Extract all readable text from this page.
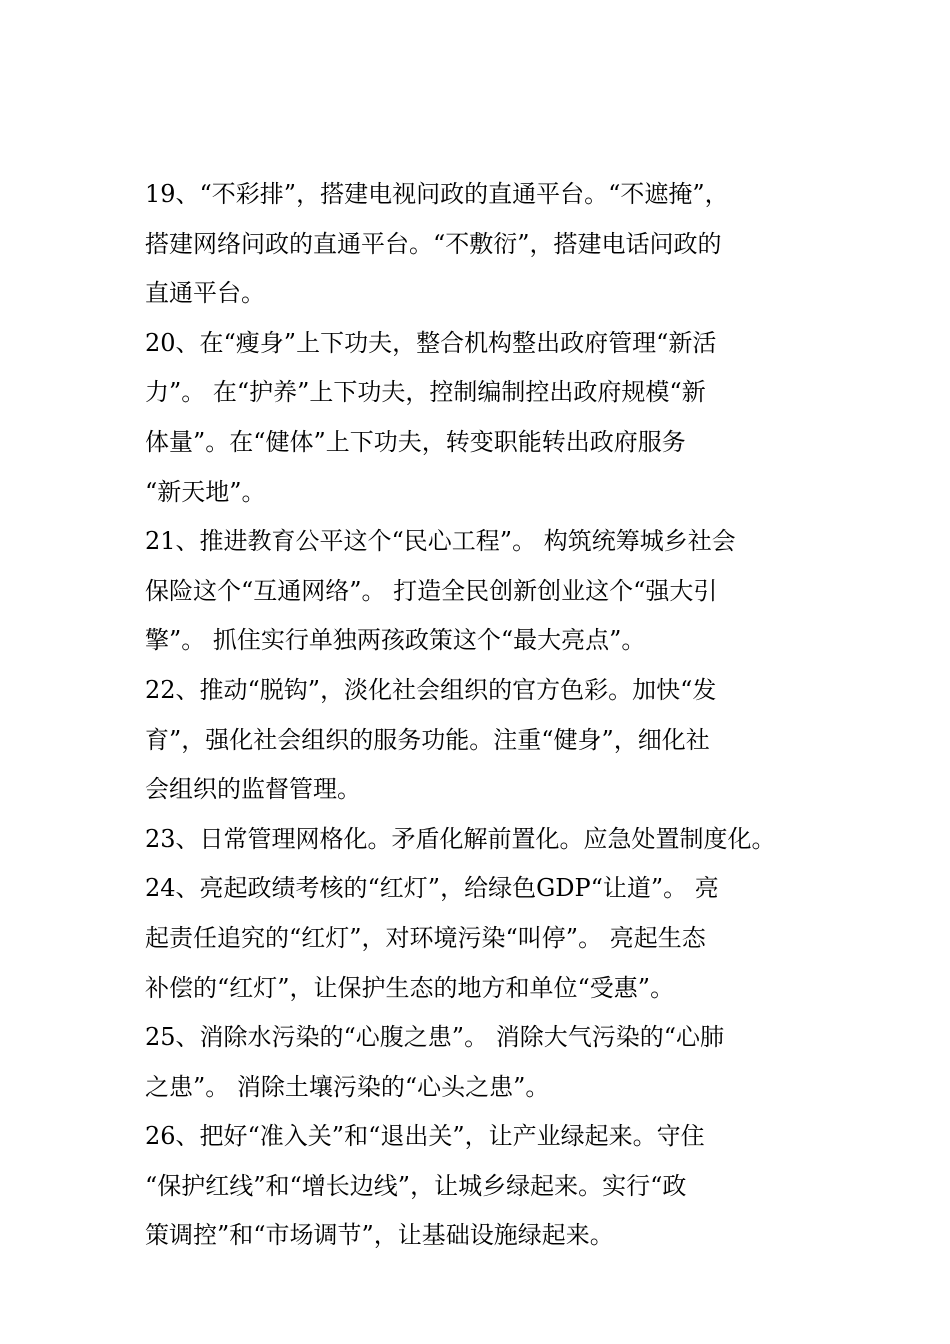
19、“不彩排”，搭建电视问政的直通平台。“不遮掩”，
搭建网络问政的直通平台。“不敷衍”，搭建电话问政的
直通平台。
20、在“瘦身”上下功夫，整合机构整出政府管理“新活
力”。 在“护养”上下功夫，控制编制控出政府规模“新
体量”。在“健体”上下功夫，转变职能转出政府服务
“新天地”。
21、推进教育公平这个“民心工程”。 构筑统筹城乡社会
保险这个“互通网络”。 打造全民创新创业这个“强大引
擎”。 抓住实行单独两孩政策这个“最大亮点”。
22、推动“脱钩”，淡化社会组织的官方色彩。加快“发
育”，强化社会组织的服务功能。注重“健身”，细化社
会组织的监督管理。
23、日常管理网格化。矛盾化解前置化。应急处置制度化。
24、亮起政绩考核的“红灯”，给绿色GDP“让道”。 亮
起责任追究的“红灯”，对环境污染“叫停”。 亮起生态
补偿的“红灯”，让保护生态的地方和单位“受惠”。
25、消除水污染的“心腹之患”。 消除大气污染的“心肺
之患”。 消除土壤污染的“心头之患”。
26、把好“准入关”和“退出关”，让产业绿起来。守住
“保护红线”和“增长边线”，让城乡绿起来。实行“政
策调控”和“市场调节”，让基础设施绿起来。
